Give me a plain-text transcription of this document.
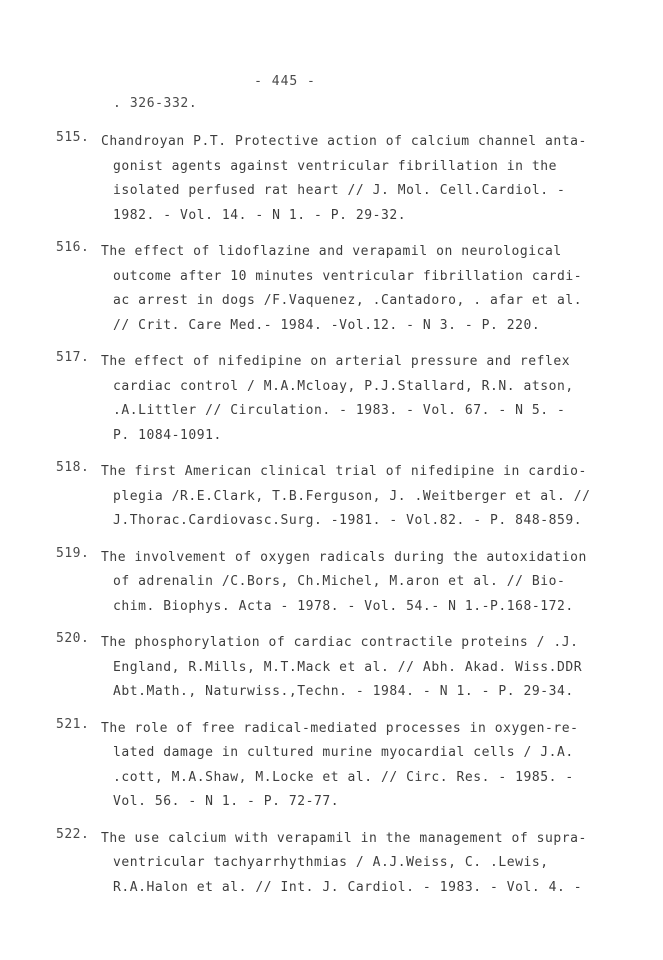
- 445 -
. 326-332.
515. Chandroyan P.T. Protective action of calcium channel anta-
gonist agents against ventricular fibrillation in the
isolated perfused rat heart // J. Mol. Cell.Cardiol. -
1982. - Vol. 14. - N 1. - P. 29-32.
516. The effect of lidoflazine and verapamil on neurological
outcome after 10 minutes ventricular fibrillation cardi-
ac arrest in dogs /F.Vaquenez, .Cantadoro, . afar et al.
// Crit. Care Med.- 1984. -Vol.12. - N 3. - P. 220.
517. The effect of nifedipine on arterial pressure and reflex
cardiac control / M.A.Mcloay, P.J.Stallard, R.N. atson,
.A.Littler // Circulation. - 1983. - Vol. 67. - N 5. -
P. 1084-1091.
518. The first American clinical trial of nifedipine in cardio-
plegia /R.E.Clark, T.B.Ferguson, J. .Weitberger et al. //
J.Thorac.Cardiovasc.Surg. -1981. - Vol.82. - P. 848-859.
519. The involvement of oxygen radicals during the autoxidation
of adrenalin /C.Bors, Ch.Michel, M.aron et al. // Bio-
chim. Biophys. Acta - 1978. - Vol. 54.- N 1.-P.168-172.
520. The phosphorylation of cardiac contractile proteins / .J.
England, R.Mills, M.T.Mack et al. // Abh. Akad. Wiss.DDR
Abt.Math., Naturwiss.,Techn. - 1984. - N 1. - P. 29-34.
521. The role of free radical-mediated processes in oxygen-re-
lated damage in cultured murine myocardial cells / J.A.
.cott, M.A.Shaw, M.Locke et al. // Circ. Res. - 1985. -
Vol. 56. - N 1. - P. 72-77.
522. The use calcium with verapamil in the management of supra-
ventricular tachyarrhythmias / A.J.Weiss, C. .Lewis,
R.A.Halon et al. // Int. J. Cardiol. - 1983. - Vol. 4. -
